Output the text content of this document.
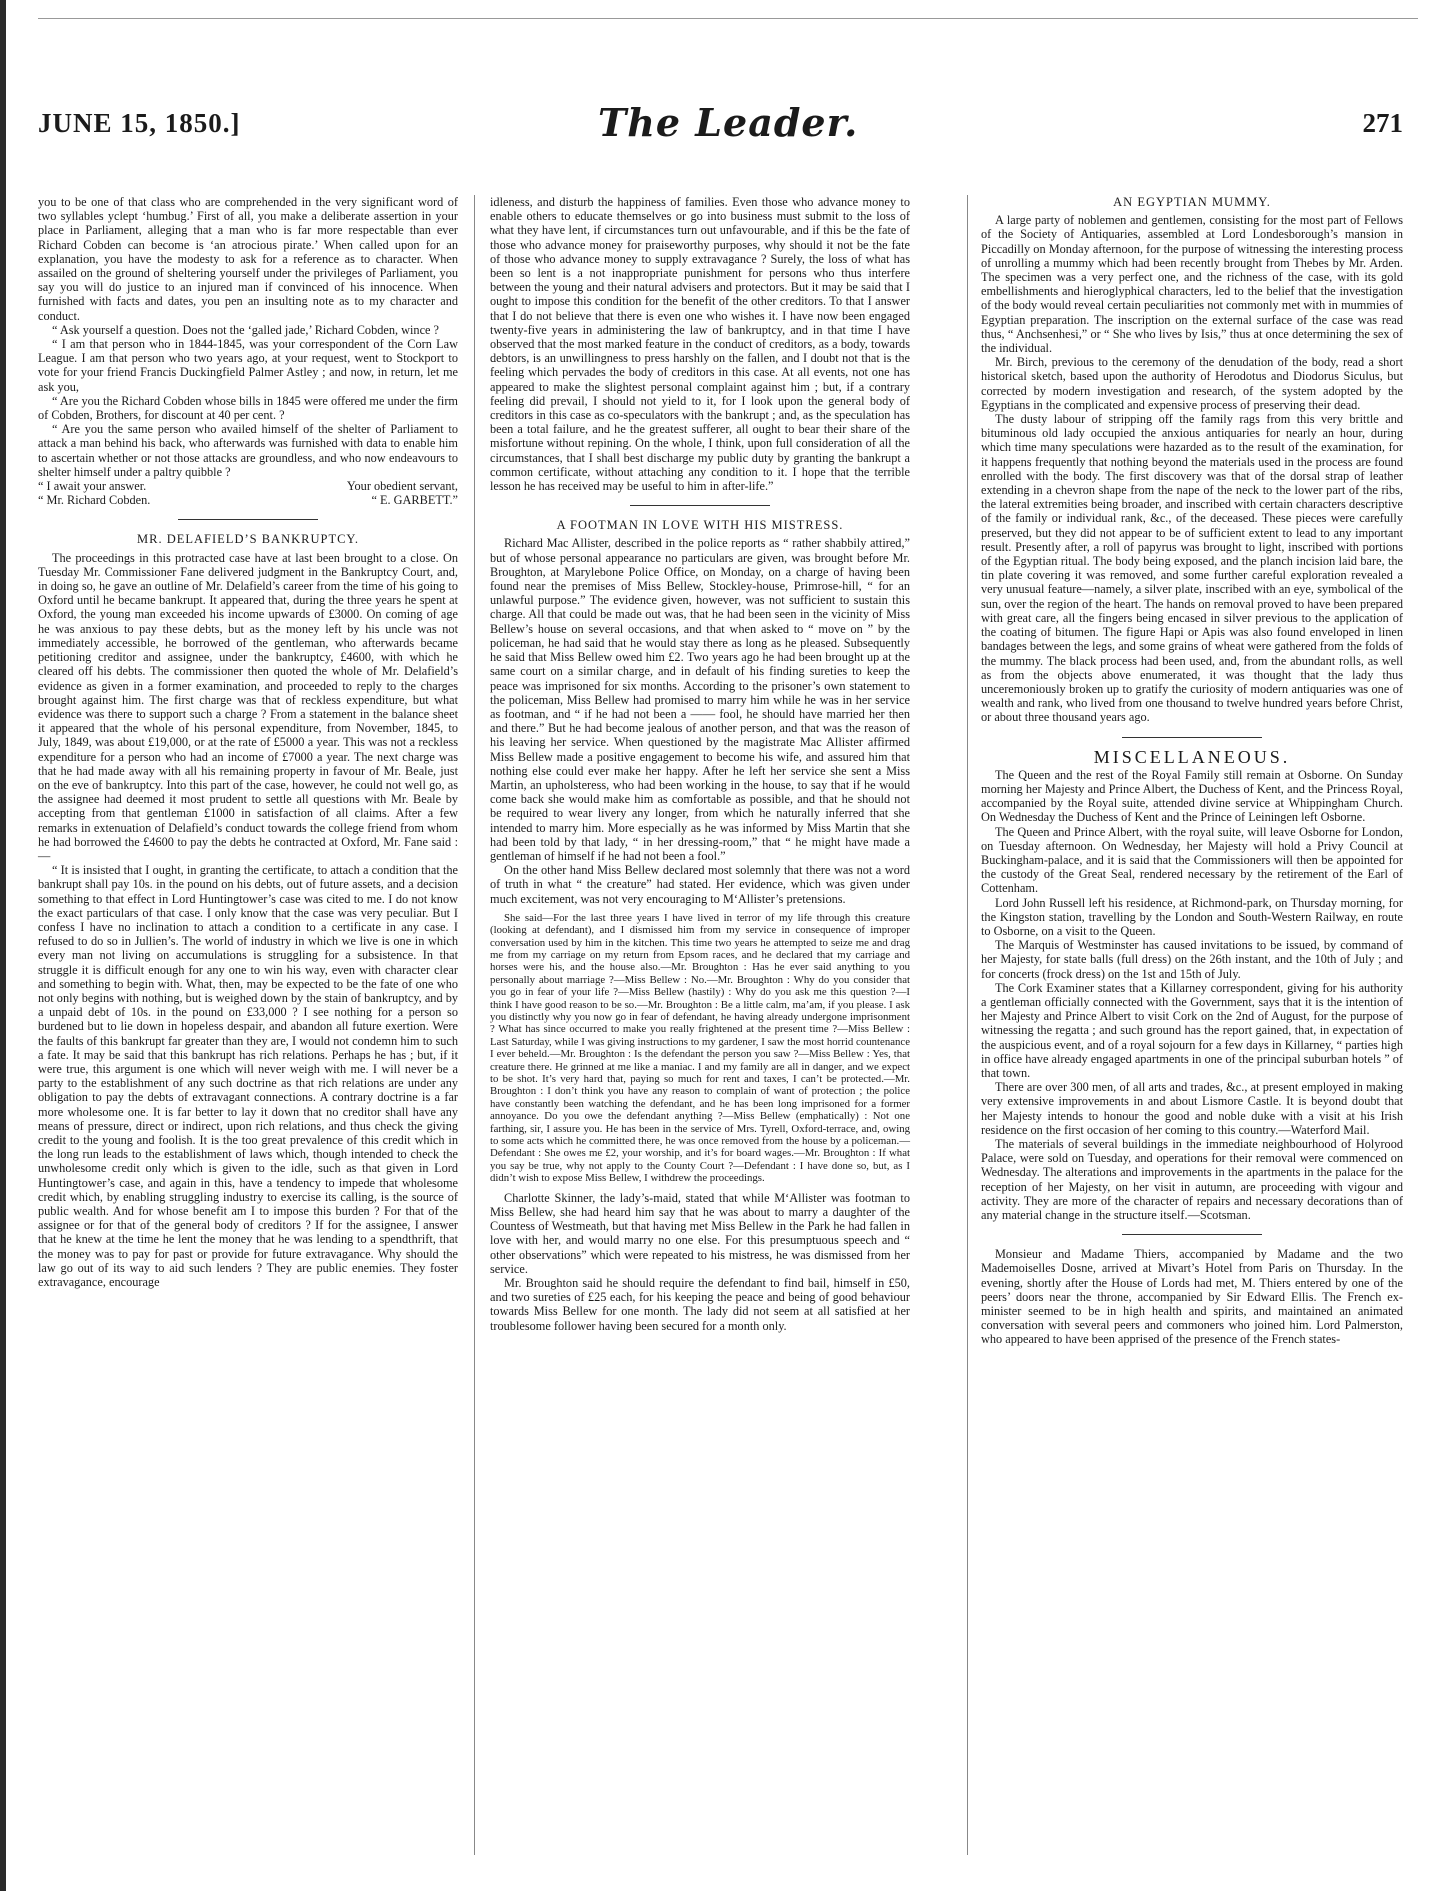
JUNE 15, 1850.]	The Leader.	271

you to be one of that class who are comprehended in the very significant word of two syllables yclept ‘humbug.’ First of all, you make a deliberate assertion in your place in Parliament, alleging that a man who is far more respectable than ever Richard Cobden can become is ‘an atrocious pirate.’ When called upon for an explanation, you have the modesty to ask for a reference as to character. When assailed on the ground of sheltering yourself under the privileges of Parliament, you say you will do justice to an injured man if convinced of his innocence. When furnished with facts and dates, you pen an insulting note as to my character and conduct.

“ Ask yourself a question. Does not the ‘galled jade,’ Richard Cobden, wince ?

“ I am that person who in 1844-1845, was your correspondent of the Corn Law League. I am that person who two years ago, at your request, went to Stockport to vote for your friend Francis Duckingfield Palmer Astley ; and now, in return, let me ask you,

“ Are you the Richard Cobden whose bills in 1845 were offered me under the firm of Cobden, Brothers, for discount at 40 per cent. ?

“ Are you the same person who availed himself of the shelter of Parliament to attack a man behind his back, who afterwards was furnished with data to enable him to ascertain whether or not those attacks are groundless, and who now endeavours to shelter himself under a paltry quibble ?

“ I await your answer.	Your obedient servant,
“ Mr. Richard Cobden.	“ E. GARBETT.”
MR. DELAFIELD’S BANKRUPTCY.

The proceedings in this protracted case have at last been brought to a close. On Tuesday Mr. Commissioner Fane delivered judgment in the Bankruptcy Court, and, in doing so, he gave an outline of Mr. Delafield’s career from the time of his going to Oxford until he became bankrupt. It appeared that, during the three years he spent at Oxford, the young man exceeded his income upwards of £3000. On coming of age he was anxious to pay these debts, but as the money left by his uncle was not immediately accessible, he borrowed of the gentleman, who afterwards became petitioning creditor and assignee, under the bankruptcy, £4600, with which he cleared off his debts. The commissioner then quoted the whole of Mr. Delafield’s evidence as given in a former examination, and proceeded to reply to the charges brought against him. The first charge was that of reckless expenditure, but what evidence was there to support such a charge ? From a statement in the balance sheet it appeared that the whole of his personal expenditure, from November, 1845, to July, 1849, was about £19,000, or at the rate of £5000 a year. This was not a reckless expenditure for a person who had an income of £7000 a year. The next charge was that he had made away with all his remaining property in favour of Mr. Beale, just on the eve of bankruptcy. Into this part of the case, however, he could not well go, as the assignee had deemed it most prudent to settle all questions with Mr. Beale by accepting from that gentleman £1000 in satisfaction of all claims. After a few remarks in extenuation of Delafield’s conduct towards the college friend from whom he had borrowed the £4600 to pay the debts he contracted at Oxford, Mr. Fane said :—

“ It is insisted that I ought, in granting the certificate, to attach a condition that the bankrupt shall pay 10s. in the pound on his debts, out of future assets, and a decision something to that effect in Lord Huntingtower’s case was cited to me. I do not know the exact particulars of that case. I only know that the case was very peculiar. But I confess I have no inclination to attach a condition to a certificate in any case. I refused to do so in Jullien’s. The world of industry in which we live is one in which every man not living on accumulations is struggling for a subsistence. In that struggle it is difficult enough for any one to win his way, even with character clear and something to begin with. What, then, may be expected to be the fate of one who not only begins with nothing, but is weighed down by the stain of bankruptcy, and by a unpaid debt of 10s. in the pound on £33,000 ? I see nothing for a person so burdened but to lie down in hopeless despair, and abandon all future exertion. Were the faults of this bankrupt far greater than they are, I would not condemn him to such a fate. It may be said that this bankrupt has rich relations. Perhaps he has ; but, if it were true, this argument is one which will never weigh with me. I will never be a party to the establishment of any such doctrine as that rich relations are under any obligation to pay the debts of extravagant connections. A contrary doctrine is a far more wholesome one. It is far better to lay it down that no creditor shall have any means of pressure, direct or indirect, upon rich relations, and thus check the giving credit to the young and foolish. It is the too great prevalence of this credit which in the long run leads to the establishment of laws which, though intended to check the unwholesome credit only which is given to the idle, such as that given in Lord Huntingtower’s case, and again in this, have a tendency to impede that wholesome credit which, by enabling struggling industry to exercise its calling, is the source of public wealth. And for whose benefit am I to impose this burden ? For that of the assignee or for that of the general body of creditors ? If for the assignee, I answer that he knew at the time he lent the money that he was lending to a spendthrift, that the money was to pay for past or provide for future extravagance. Why should the law go out of its way to aid such lenders ? They are public enemies. They foster extravagance, encourage

idleness, and disturb the happiness of families. Even those who advance money to enable others to educate themselves or go into business must submit to the loss of what they have lent, if circumstances turn out unfavourable, and if this be the fate of those who advance money for praiseworthy purposes, why should it not be the fate of those who advance money to supply extravagance ? Surely, the loss of what has been so lent is a not inappropriate punishment for persons who thus interfere between the young and their natural advisers and protectors. But it may be said that I ought to impose this condition for the benefit of the other creditors. To that I answer that I do not believe that there is even one who wishes it. I have now been engaged twenty-five years in administering the law of bankruptcy, and in that time I have observed that the most marked feature in the conduct of creditors, as a body, towards debtors, is an unwillingness to press harshly on the fallen, and I doubt not that is the feeling which pervades the body of creditors in this case. At all events, not one has appeared to make the slightest personal complaint against him ; but, if a contrary feeling did prevail, I should not yield to it, for I look upon the general body of creditors in this case as co-speculators with the bankrupt ; and, as the speculation has been a total failure, and he the greatest sufferer, all ought to bear their share of the misfortune without repining. On the whole, I think, upon full consideration of all the circumstances, that I shall best discharge my public duty by granting the bankrupt a common certificate, without attaching any condition to it. I hope that the terrible lesson he has received may be useful to him in after-life.”

A FOOTMAN IN LOVE WITH HIS MISTRESS.

Richard Mac Allister, described in the police reports as “ rather shabbily attired,” but of whose personal appearance no particulars are given, was brought before Mr. Broughton, at Marylebone Police Office, on Monday, on a charge of having been found near the premises of Miss Bellew, Stockley-house, Primrose-hill, “ for an unlawful purpose.” The evidence given, however, was not sufficient to sustain this charge. All that could be made out was, that he had been seen in the vicinity of Miss Bellew’s house on several occasions, and that when asked to “ move on ” by the policeman, he had said that he would stay there as long as he pleased. Subsequently he said that Miss Bellew owed him £2. Two years ago he had been brought up at the same court on a similar charge, and in default of his finding sureties to keep the peace was imprisoned for six months. According to the prisoner’s own statement to the policeman, Miss Bellew had promised to marry him while he was in her service as footman, and “ if he had not been a —— fool, he should have married her then and there.” But he had become jealous of another person, and that was the reason of his leaving her service. When questioned by the magistrate Mac Allister affirmed Miss Bellew made a positive engagement to become his wife, and assured him that nothing else could ever make her happy. After he left her service she sent a Miss Martin, an upholsteress, who had been working in the house, to say that if he would come back she would make him as comfortable as possible, and that he should not be required to wear livery any longer, from which he naturally inferred that she intended to marry him. More especially as he was informed by Miss Martin that she had been told by that lady, “ in her dressing-room,” that “ he might have made a gentleman of himself if he had not been a fool.”

On the other hand Miss Bellew declared most solemnly that there was not a word of truth in what “ the creature” had stated. Her evidence, which was given under much excitement, was not very encouraging to M‘Allister’s pretensions.

She said—For the last three years I have lived in terror of my life through this creature (looking at defendant), and I dismissed him from my service in consequence of improper conversation used by him in the kitchen. This time two years he attempted to seize me and drag me from my carriage on my return from Epsom races, and he declared that my carriage and horses were his, and the house also.—Mr. Broughton : Has he ever said anything to you personally about marriage ?—Miss Bellew : No.—Mr. Broughton : Why do you consider that you go in fear of your life ?—Miss Bellew (hastily) : Why do you ask me this question ?—I think I have good reason to be so.—Mr. Broughton : Be a little calm, ma’am, if you please. I ask you distinctly why you now go in fear of defendant, he having already undergone imprisonment ? What has since occurred to make you really frightened at the present time ?—Miss Bellew : Last Saturday, while I was giving instructions to my gardener, I saw the most horrid countenance I ever beheld.—Mr. Broughton : Is the defendant the person you saw ?—Miss Bellew : Yes, that creature there. He grinned at me like a maniac. I and my family are all in danger, and we expect to be shot. It’s very hard that, paying so much for rent and taxes, I can’t be protected.—Mr. Broughton : I don’t think you have any reason to complain of want of protection ; the police have constantly been watching the defendant, and he has been long imprisoned for a former annoyance. Do you owe the defendant anything ?—Miss Bellew (emphatically) : Not one farthing, sir, I assure you. He has been in the service of Mrs. Tyrell, Oxford-terrace, and, owing to some acts which he committed there, he was once removed from the house by a policeman.—Defendant : She owes me £2, your worship, and it’s for board wages.—Mr. Broughton : If what you say be true, why not apply to the County Court ?—Defendant : I have done so, but, as I didn’t wish to expose Miss Bellew, I withdrew the proceedings.

Charlotte Skinner, the lady’s-maid, stated that while M‘Allister was footman to Miss Bellew, she had heard him say that he was about to marry a daughter of the Countess of Westmeath, but that having met Miss Bellew in the Park he had fallen in love with her, and would marry no one else. For this presumptuous speech and “ other observations” which were repeated to his mistress, he was dismissed from her service.

Mr. Broughton said he should require the defendant to find bail, himself in £50, and two sureties of £25 each, for his keeping the peace and being of good behaviour towards Miss Bellew for one month. The lady did not seem at all satisfied at her troublesome follower having been secured for a month only.

AN EGYPTIAN MUMMY.

A large party of noblemen and gentlemen, consisting for the most part of Fellows of the Society of Antiquaries, assembled at Lord Londesborough’s mansion in Piccadilly on Monday afternoon, for the purpose of witnessing the interesting process of unrolling a mummy which had been recently brought from Thebes by Mr. Arden. The specimen was a very perfect one, and the richness of the case, with its gold embellishments and hieroglyphical characters, led to the belief that the investigation of the body would reveal certain peculiarities not commonly met with in mummies of Egyptian preparation. The inscription on the external surface of the case was read thus, “ Anchsenhesi,” or “ She who lives by Isis,” thus at once determining the sex of the individual.

Mr. Birch, previous to the ceremony of the denudation of the body, read a short historical sketch, based upon the authority of Herodotus and Diodorus Siculus, but corrected by modern investigation and research, of the system adopted by the Egyptians in the complicated and expensive process of preserving their dead.

The dusty labour of stripping off the family rags from this very brittle and bituminous old lady occupied the anxious antiquaries for nearly an hour, during which time many speculations were hazarded as to the result of the examination, for it happens frequently that nothing beyond the materials used in the process are found enrolled with the body. The first discovery was that of the dorsal strap of leather extending in a chevron shape from the nape of the neck to the lower part of the ribs, the lateral extremities being broader, and inscribed with certain characters descriptive of the family or individual rank, &c., of the deceased. These pieces were carefully preserved, but they did not appear to be of sufficient extent to lead to any important result. Presently after, a roll of papyrus was brought to light, inscribed with portions of the Egyptian ritual. The body being exposed, and the planch incision laid bare, the tin plate covering it was removed, and some further careful exploration revealed a very unusual feature—namely, a silver plate, inscribed with an eye, symbolical of the sun, over the region of the heart. The hands on removal proved to have been prepared with great care, all the fingers being encased in silver previous to the application of the coating of bitumen. The figure Hapi or Apis was also found enveloped in linen bandages between the legs, and some grains of wheat were gathered from the folds of the mummy. The black process had been used, and, from the abundant rolls, as well as from the objects above enumerated, it was thought that the lady thus unceremoniously broken up to gratify the curiosity of modern antiquaries was one of wealth and rank, who lived from one thousand to twelve hundred years before Christ, or about three thousand years ago.

MISCELLANEOUS.

The Queen and the rest of the Royal Family still remain at Osborne. On Sunday morning her Majesty and Prince Albert, the Duchess of Kent, and the Princess Royal, accompanied by the Royal suite, attended divine service at Whippingham Church. On Wednesday the Duchess of Kent and the Prince of Leiningen left Osborne.

The Queen and Prince Albert, with the royal suite, will leave Osborne for London, on Tuesday afternoon. On Wednesday, her Majesty will hold a Privy Council at Buckingham-palace, and it is said that the Commissioners will then be appointed for the custody of the Great Seal, rendered necessary by the retirement of the Earl of Cottenham.

Lord John Russell left his residence, at Richmond-park, on Thursday morning, for the Kingston station, travelling by the London and South-Western Railway, en route to Osborne, on a visit to the Queen.

The Marquis of Westminster has caused invitations to be issued, by command of her Majesty, for state balls (full dress) on the 26th instant, and the 10th of July ; and for concerts (frock dress) on the 1st and 15th of July.

The Cork Examiner states that a Killarney correspondent, giving for his authority a gentleman officially connected with the Government, says that it is the intention of her Majesty and Prince Albert to visit Cork on the 2nd of August, for the purpose of witnessing the regatta ; and such ground has the report gained, that, in expectation of the auspicious event, and of a royal sojourn for a few days in Killarney, “ parties high in office have already engaged apartments in one of the principal suburban hotels ” of that town.

There are over 300 men, of all arts and trades, &c., at present employed in making very extensive improvements in and about Lismore Castle. It is beyond doubt that her Majesty intends to honour the good and noble duke with a visit at his Irish residence on the first occasion of her coming to this country.—Waterford Mail.

The materials of several buildings in the immediate neighbourhood of Holyrood Palace, were sold on Tuesday, and operations for their removal were commenced on Wednesday. The alterations and improvements in the apartments in the palace for the reception of her Majesty, on her visit in autumn, are proceeding with vigour and activity. They are more of the character of repairs and necessary decorations than of any material change in the structure itself.—Scotsman.

Monsieur and Madame Thiers, accompanied by Madame and the two Mademoiselles Dosne, arrived at Mivart’s Hotel from Paris on Thursday. In the evening, shortly after the House of Lords had met, M. Thiers entered by one of the peers’ doors near the throne, accompanied by Sir Edward Ellis. The French ex-minister seemed to be in high health and spirits, and maintained an animated conversation with several peers and commoners who joined him. Lord Palmerston, who appeared to have been apprised of the presence of the French states-
